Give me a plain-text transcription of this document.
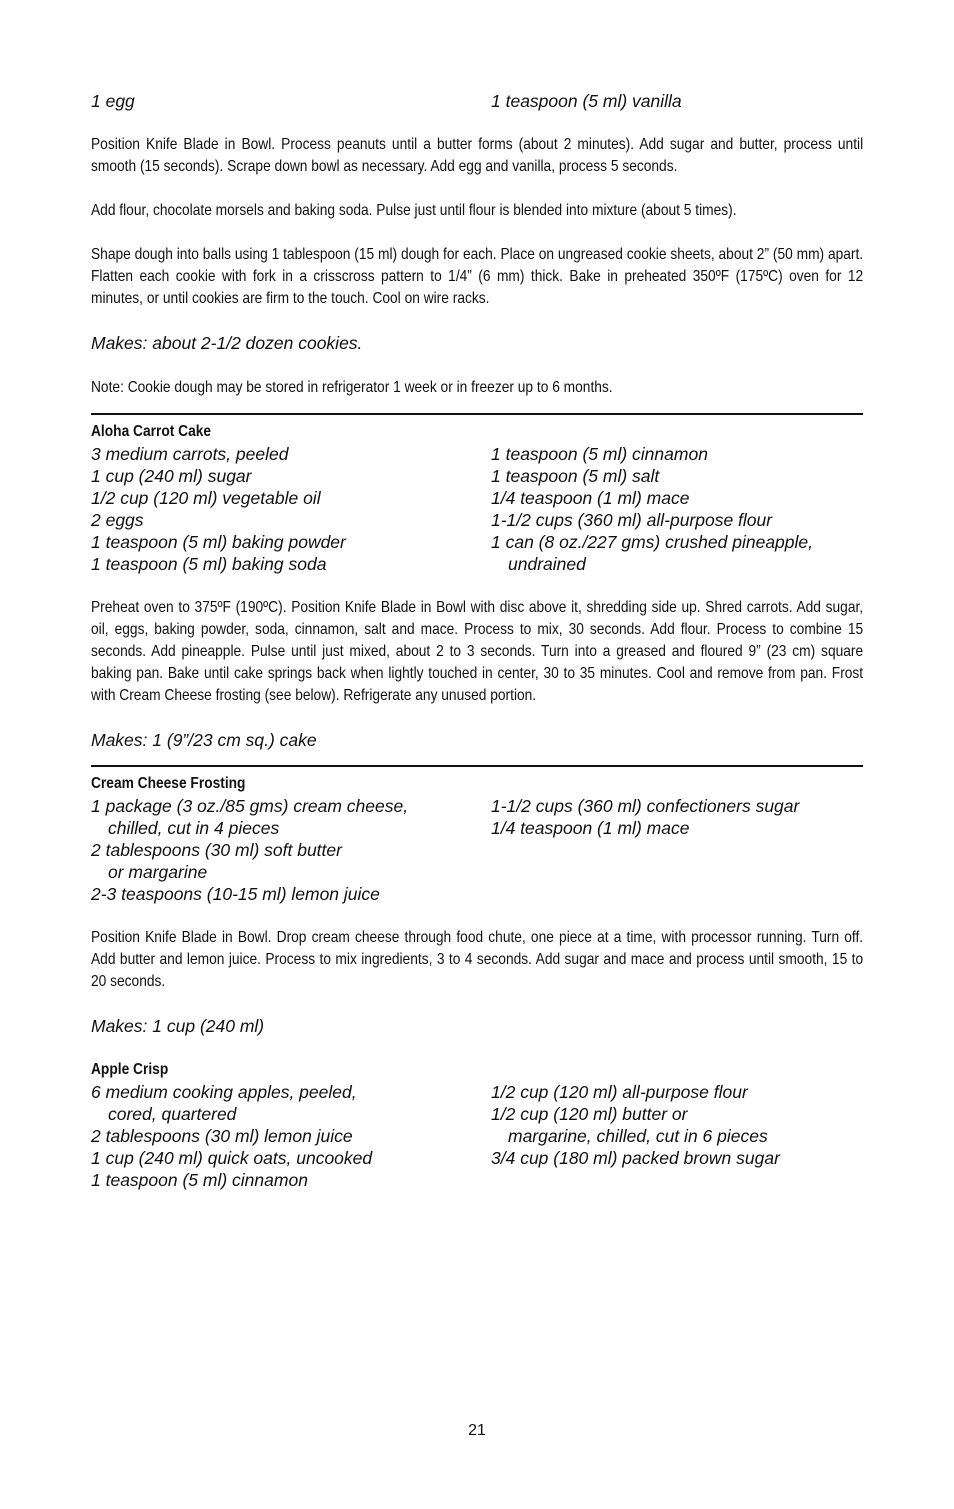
1 egg	1 teaspoon (5 ml) vanilla

Position Knife Blade in Bowl. Process peanuts until a butter forms (about 2 minutes). Add sugar and butter, process until smooth (15 seconds). Scrape down bowl as necessary. Add egg and vanilla, process 5 seconds.

Add flour, chocolate morsels and baking soda. Pulse just until flour is blended into mixture (about 5 times).

Shape dough into balls using 1 tablespoon (15 ml) dough for each. Place on ungreased cookie sheets, about 2” (50 mm) apart. Flatten each cookie with fork in a crisscross pattern to 1/4” (6 mm) thick. Bake in preheated 350ºF (175ºC) oven for 12 minutes, or until cookies are firm to the touch. Cool on wire racks.

Makes: about 2-1/2 dozen cookies.

Note: Cookie dough may be stored in refrigerator 1 week or in freezer up to 6 months.

Aloha Carrot Cake

3 medium carrots, peeled

1 cup (240 ml) sugar

1/2 cup (120 ml) vegetable oil

2 eggs

1 teaspoon (5 ml) baking powder

1 teaspoon (5 ml) baking soda

1 teaspoon (5 ml) cinnamon

1 teaspoon (5 ml) salt

1/4 teaspoon (1 ml) mace

1-1/2 cups (360 ml) all-purpose flour

1 can (8 oz./227 gms) crushed pineapple,

undrained

Preheat oven to 375ºF (190ºC). Position Knife Blade in Bowl with disc above it, shredding side up. Shred carrots. Add sugar, oil, eggs, baking powder, soda, cinnamon, salt and mace. Process to mix, 30 seconds. Add flour. Process to combine 15 seconds. Add pineapple. Pulse until just mixed, about 2 to 3 seconds. Turn into a greased and floured 9” (23 cm) square baking pan. Bake until cake springs back when lightly touched in center, 30 to 35 minutes. Cool and remove from pan. Frost with Cream Cheese frosting (see below). Refrigerate any unused portion.

Makes: 1 (9”/23 cm sq.) cake

Cream Cheese Frosting

1 package (3 oz./85 gms) cream cheese,

chilled, cut in 4 pieces

2 tablespoons (30 ml) soft butter

or margarine

2-3 teaspoons (10-15 ml) lemon juice

1-1/2 cups (360 ml) confectioners sugar

1/4 teaspoon (1 ml) mace

Position Knife Blade in Bowl. Drop cream cheese through food chute, one piece at a time, with processor running. Turn off. Add butter and lemon juice. Process to mix ingredients, 3 to 4 seconds. Add sugar and mace and process until smooth, 15 to 20 seconds.

Makes: 1 cup (240 ml)

Apple Crisp

6 medium cooking apples, peeled,

cored, quartered

2 tablespoons (30 ml) lemon juice

1 cup (240 ml) quick oats, uncooked

1 teaspoon (5 ml) cinnamon

1/2 cup (120 ml) all-purpose flour

1/2 cup (120 ml) butter or

margarine, chilled, cut in 6 pieces

3/4 cup (180 ml) packed brown sugar

21
